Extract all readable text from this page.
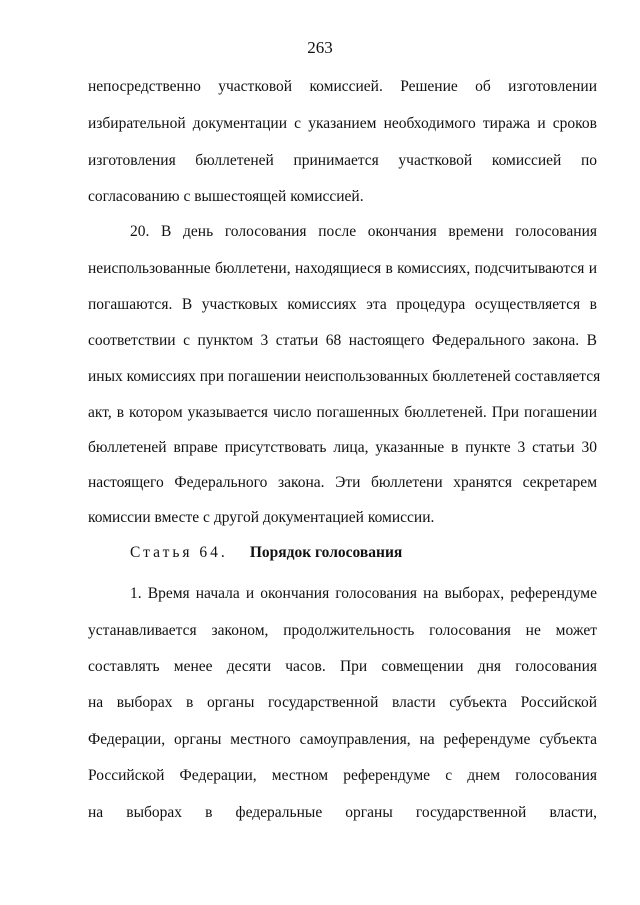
263
непосредственно участковой комиссией. Решение об изготовлении
избирательной документации с указанием необходимого тиража и сроков
изготовления бюллетеней принимается участковой комиссией по
согласованию с вышестоящей комиссией.
20. В день голосования после окончания времени голосования
неиспользованные бюллетени, находящиеся в комиссиях, подсчитываются и
погашаются. В участковых комиссиях эта процедура осуществляется в
соответствии с пунктом 3 статьи 68 настоящего Федерального закона. В
иных комиссиях при погашении неиспользованных бюллетеней составляется
акт, в котором указывается число погашенных бюллетеней. При погашении
бюллетеней вправе присутствовать лица, указанные в пункте 3 статьи 30
настоящего Федерального закона. Эти бюллетени хранятся секретарем
комиссии вместе с другой документацией комиссии.
Статья 64. Порядок голосования
1. Время начала и окончания голосования на выборах, референдуме
устанавливается законом, продолжительность голосования не может
составлять менее десяти часов. При совмещении дня голосования
на выборах в органы государственной власти субъекта Российской
Федерации, органы местного самоуправления, на референдуме субъекта
Российской Федерации, местном референдуме с днем голосования
на выборах в федеральные органы государственной власти,
